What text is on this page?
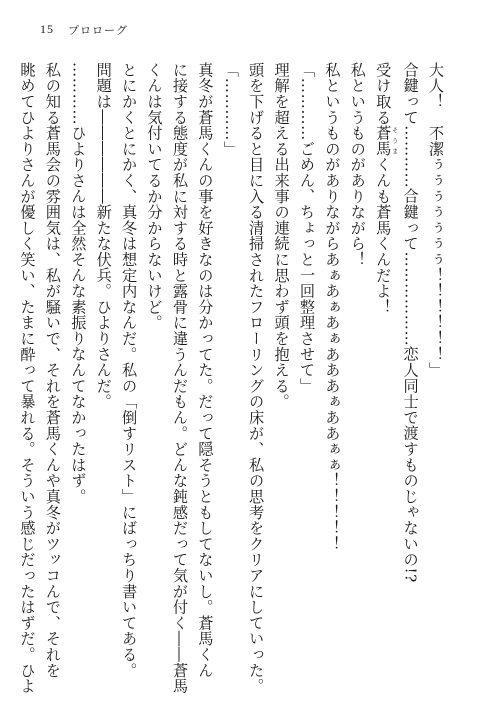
15 プロローグ

大人！　不潔ぅぅぅぅぅぅぅ！！！！！！」

合鍵って…………合鍵って………………恋人同士で渡すものじゃないの!?

受け取る蒼馬そうまくんも蒼馬くんだよ！

私というものがありながら！

私というものがありながらあぁあぁあぁあああぁああぁぁ！！！！！

「…………ごめん、ちょっと一回整理させて」

理解を超える出来事の連続に思わず頭を抱える。

頭を下げると目に入る清掃されたフローリングの床が、私の思考をクリアにしていった。

「…………」

真冬が蒼馬くんの事を好きなのは分かってた。だって隠そうともしてないし。蒼馬くん

に接する態度が私に対する時と露骨に違うんだもん。どんな鈍感だって気が付く――蒼馬

くんは気付いてるか分からないけど。

とにかくとにかく、真冬は想定内なんだ。私の「倒すリスト」にばっちり書いてある。

問題は――――――新たな伏兵。ひよりさんだ。

…………ひよりさんは全然そんな素振りなんてなかったはず。

私の知る蒼馬会の雰囲気は、私が騒いで、それを蒼馬くんや真冬がツッコんで、それを

眺めてひよりさんが優しく笑い、たまに酔って暴れる。そういう感じだったはずだ。ひよ
